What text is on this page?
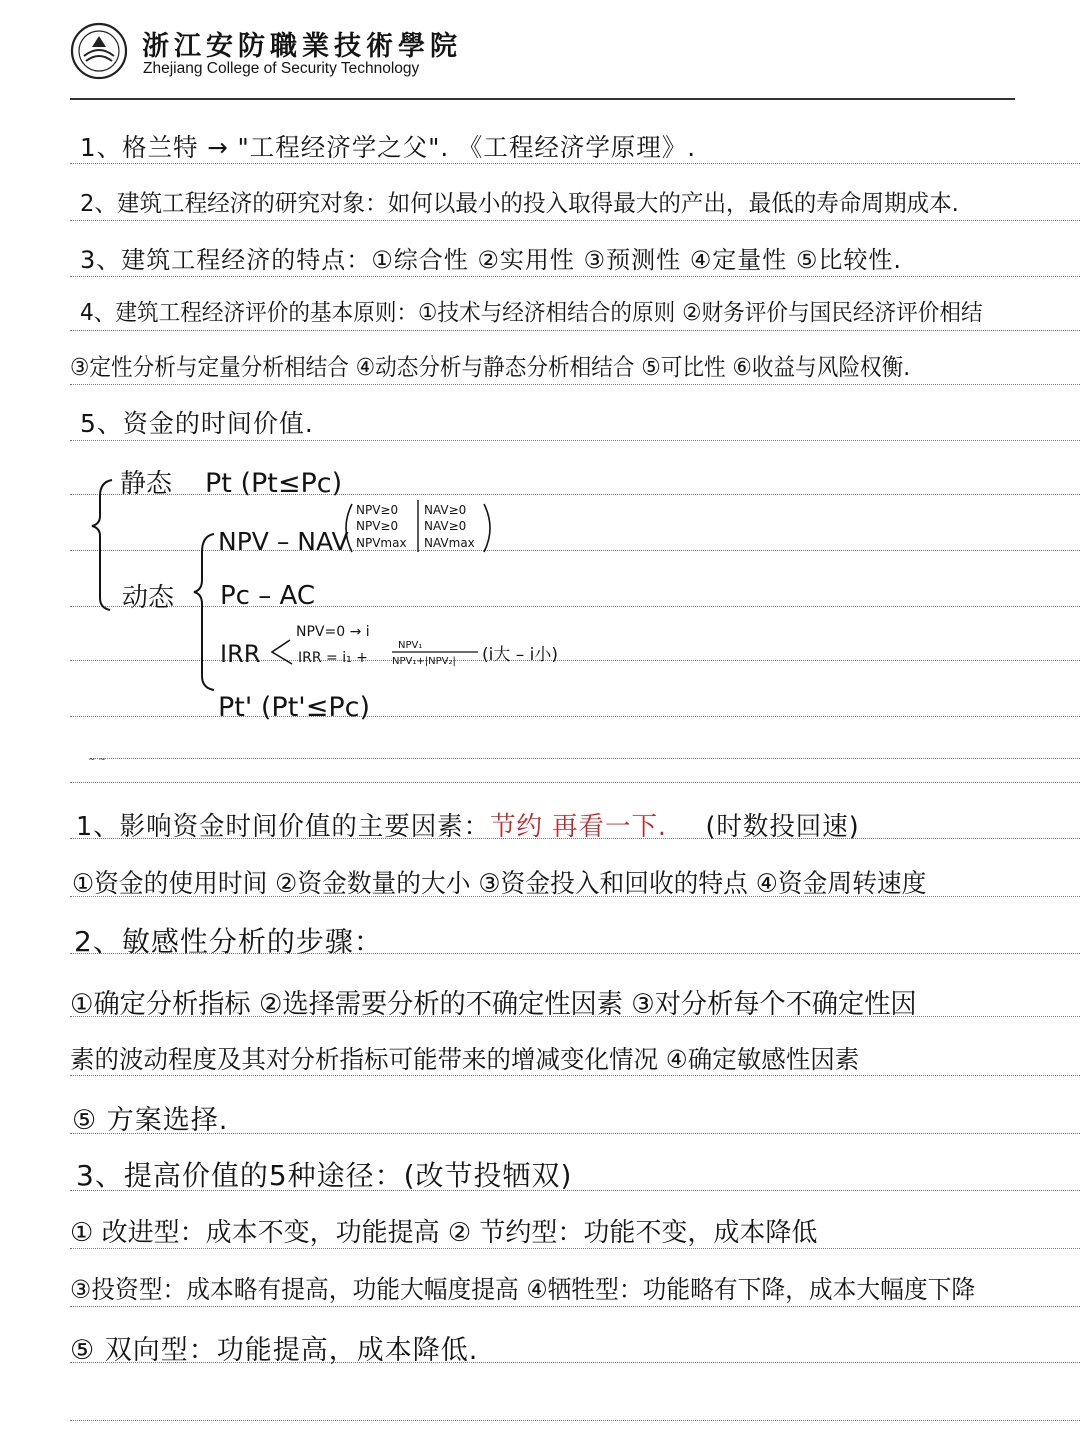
浙江安防職業技術學院
Zhejiang College of Security Technology
1、格兰特 → "工程经济学之父". 《工程经济学原理》.
2、建筑工程经济的研究对象：如何以最小的投入取得最大的产出，最低的寿命周期成本.
3、建筑工程经济的特点：①综合性 ②实用性 ③预测性 ④定量性 ⑤比较性.
4、建筑工程经济评价的基本原则：①技术与经济相结合的原则 ②财务评价与国民经济评价相结
③定性分析与定量分析相结合 ④动态分析与静态分析相结合 ⑤可比性 ⑥收益与风险权衡.
5、资金的时间价值.
静态 Pt (Pt≤Pc)
动态
NPV – NAV
NPV≥0
NPV≥0
NPVmax
NAV≥0
NAV≥0
NAVmax
Pc – AC
IRR
NPV=0 → i
IRR = i₁ +
NPV₁
NPV₁+|NPV₂| (i大 – i小)
Pt' (Pt'≤Pc)
~ ~
1、影响资金时间价值的主要因素：节约 再看一下. (时数投回速)
①资金的使用时间 ②资金数量的大小 ③资金投入和回收的特点 ④资金周转速度
2、敏感性分析的步骤：
①确定分析指标 ②选择需要分析的不确定性因素 ③对分析每个不确定性因
素的波动程度及其对分析指标可能带来的增减变化情况 ④确定敏感性因素
⑤ 方案选择.
3、提高价值的5种途径：(改节投牺双)
① 改进型：成本不变，功能提高 ② 节约型：功能不变，成本降低
③投资型：成本略有提高，功能大幅度提高 ④牺牲型：功能略有下降，成本大幅度下降
⑤ 双向型：功能提高，成本降低.
